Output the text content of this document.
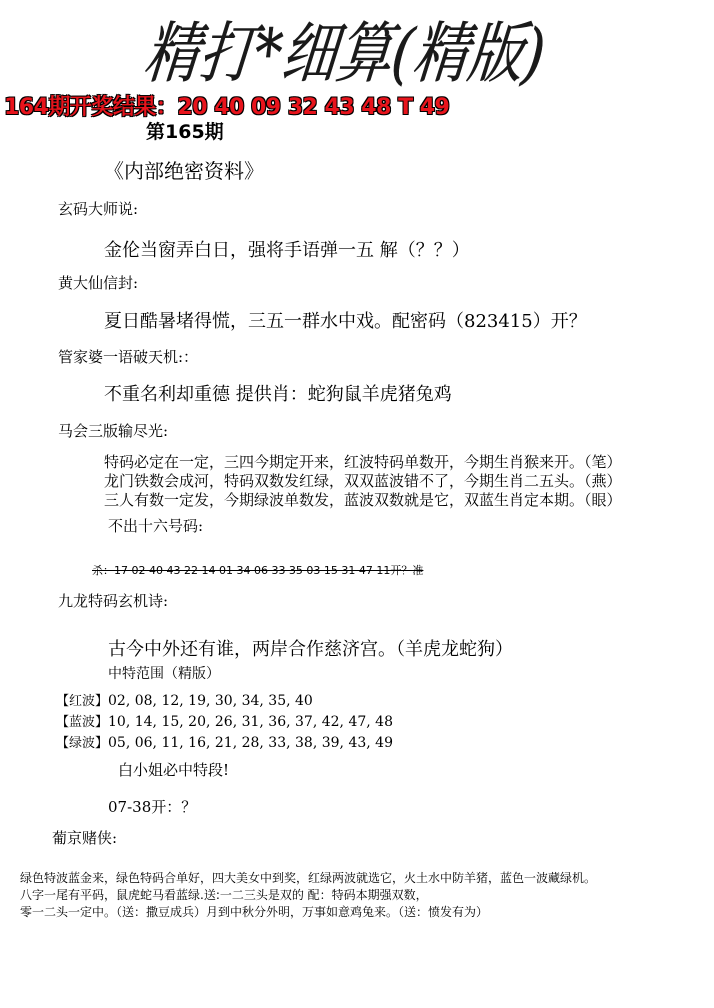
精打*细算(精版)
164期开奖结果：20 40 09 32 43 48 T 49
第165期
《内部绝密资料》
玄码大师说:
金伦当窗弄白日，强将手语弹一五 解（？？）
黄大仙信封:
夏日酷暑堵得慌，三五一群水中戏。配密码（823415）开？
管家婆一语破天机:：
不重名利却重德 提供肖：蛇狗鼠羊虎猪兔鸡
马会三版输尽光:
特码必定在一定，三四今期定开来，红波特码单数开，今期生肖猴来开。（笔）
龙门铁数会成河，特码双数发红绿，双双蓝波错不了，今期生肖二五头。（燕）
三人有数一定发，今期绿波单数发，蓝波双数就是它，双蓝生肖定本期。（眼）
不出十六号码:
杀：17 02 40 43 22 14 01 34 06 33 35 03 15 31 47 11开？准
九龙特码玄机诗:
古今中外还有谁，两岸合作慈济宫。（羊虎龙蛇狗）
中特范围（精版）
【红波】02, 08, 12, 19, 30, 34, 35, 40
【蓝波】10, 14, 15, 20, 26, 31, 36, 37, 42, 47, 48
【绿波】05, 06, 11, 16, 21, 28, 33, 38, 39, 43, 49
白小姐必中特段!
07-38开：？
葡京赌侠:
绿色特波蓝金来，绿色特码合单好，四大美女中到奖，红绿两波就选它，火土水中防羊猪，蓝色一波藏绿机。
八字一尾有平码，鼠虎蛇马看蓝绿.送:一二三头是双的 配：特码本期强双数，
零一二头一定中。（送：撒豆成兵）月到中秋分外明，万事如意鸡兔来。（送：愤发有为）
